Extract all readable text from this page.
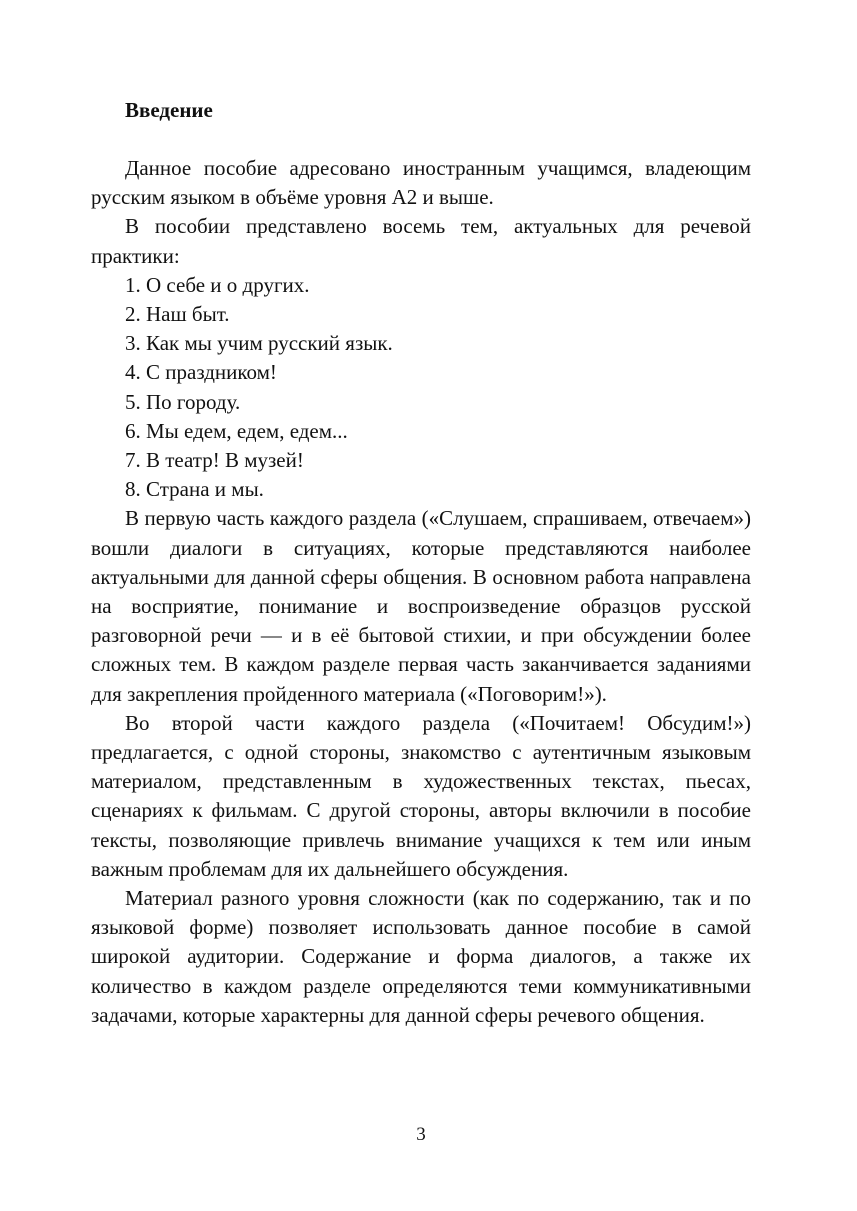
Введение

Данное пособие адресовано иностранным учащимся, владеющим русским языком в объёме уровня А2 и выше.

В пособии представлено восемь тем, актуальных для речевой практики:

1. О себе и о других.
2. Наш быт.
3. Как мы учим русский язык.
4. С праздником!
5. По городу.
6. Мы едем, едем, едем...
7. В театр! В музей!
8. Страна и мы.

В первую часть каждого раздела («Слушаем, спрашиваем, отвечаем») вошли диалоги в ситуациях, которые представляются наиболее актуальными для данной сферы общения. В основном работа направлена на восприятие, понимание и воспроизведение образцов русской разговорной речи — и в её бытовой стихии, и при обсуждении более сложных тем. В каждом разделе первая часть заканчивается заданиями для закрепления пройденного материала («Поговорим!»).

Во второй части каждого раздела («Почитаем! Обсудим!») предлагается, с одной стороны, знакомство с аутентичным языковым материалом, представленным в художественных текстах, пьесах, сценариях к фильмам. С другой стороны, авторы включили в пособие тексты, позволяющие привлечь внимание учащихся к тем или иным важным проблемам для их дальнейшего обсуждения.

Материал разного уровня сложности (как по содержанию, так и по языковой форме) позволяет использовать данное пособие в самой широкой аудитории. Содержание и форма диалогов, а также их количество в каждом разделе определяются теми коммуникативными задачами, которые характерны для данной сферы речевого общения.

3
